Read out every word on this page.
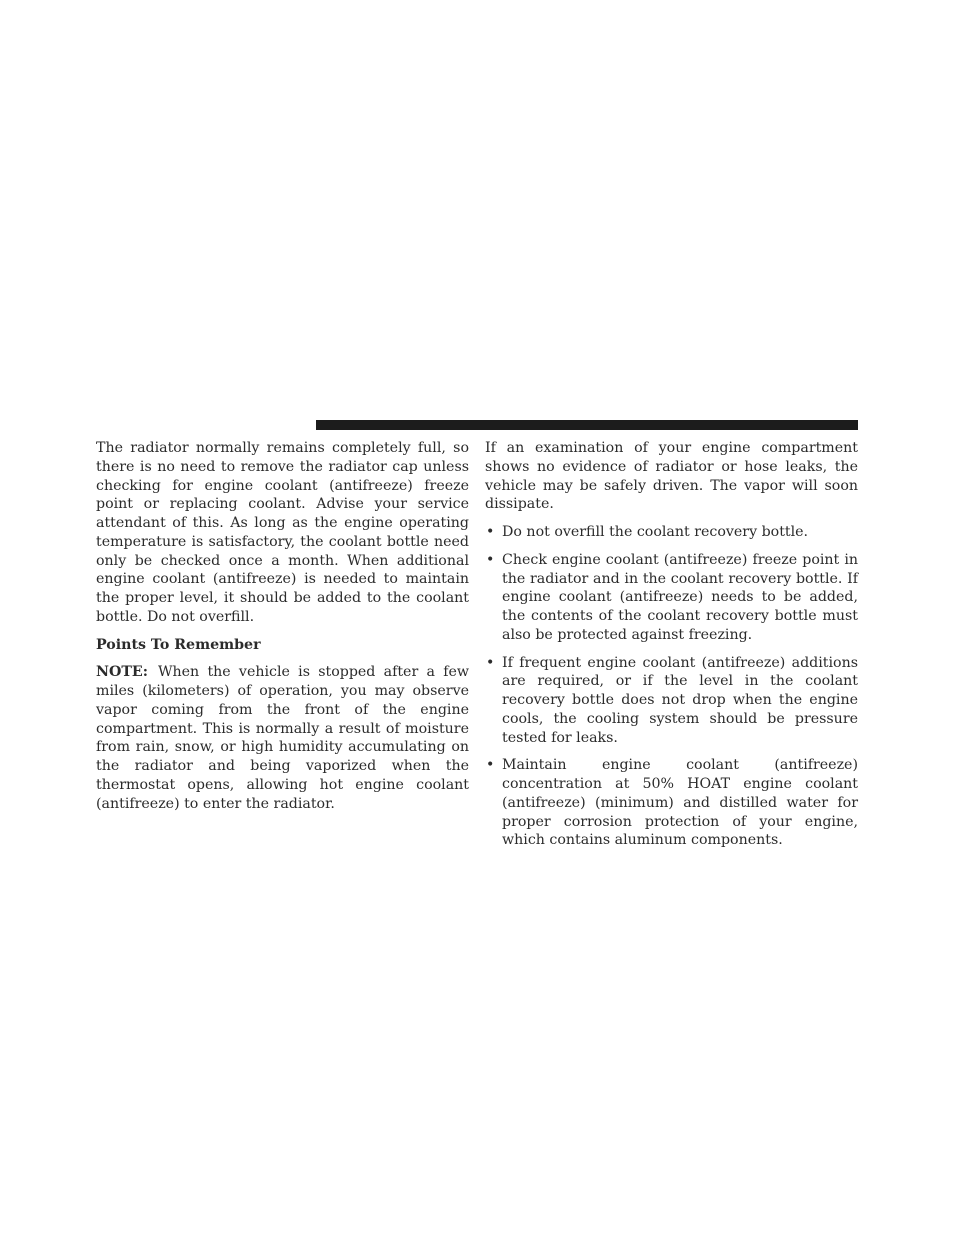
The radiator normally remains completely full, so there is no need to remove the radiator cap unless checking for engine coolant (antifreeze) freeze point or replacing coolant. Advise your service attendant of this. As long as the engine operating temperature is satisfactory, the coolant bottle need only be checked once a month. When additional engine coolant (antifreeze) is needed to maintain the proper level, it should be added to the coolant bottle. Do not overfill.

Points To Remember

NOTE: When the vehicle is stopped after a few miles (kilometers) of operation, you may observe vapor coming from the front of the engine compartment. This is normally a result of moisture from rain, snow, or high humidity accumulating on the radiator and being vaporized when the thermostat opens, allowing hot engine coolant (antifreeze) to enter the radiator.

If an examination of your engine compartment shows no evidence of radiator or hose leaks, the vehicle may be safely driven. The vapor will soon dissipate.

• Do not overfill the coolant recovery bottle.
• Check engine coolant (antifreeze) freeze point in the radiator and in the coolant recovery bottle. If engine coolant (antifreeze) needs to be added, the contents of the coolant recovery bottle must also be protected against freezing.
• If frequent engine coolant (antifreeze) additions are required, or if the level in the coolant recovery bottle does not drop when the engine cools, the cooling system should be pressure tested for leaks.
• Maintain engine coolant (antifreeze) concentration at 50% HOAT engine coolant (antifreeze) (minimum) and distilled water for proper corrosion protection of your engine, which contains aluminum components.
